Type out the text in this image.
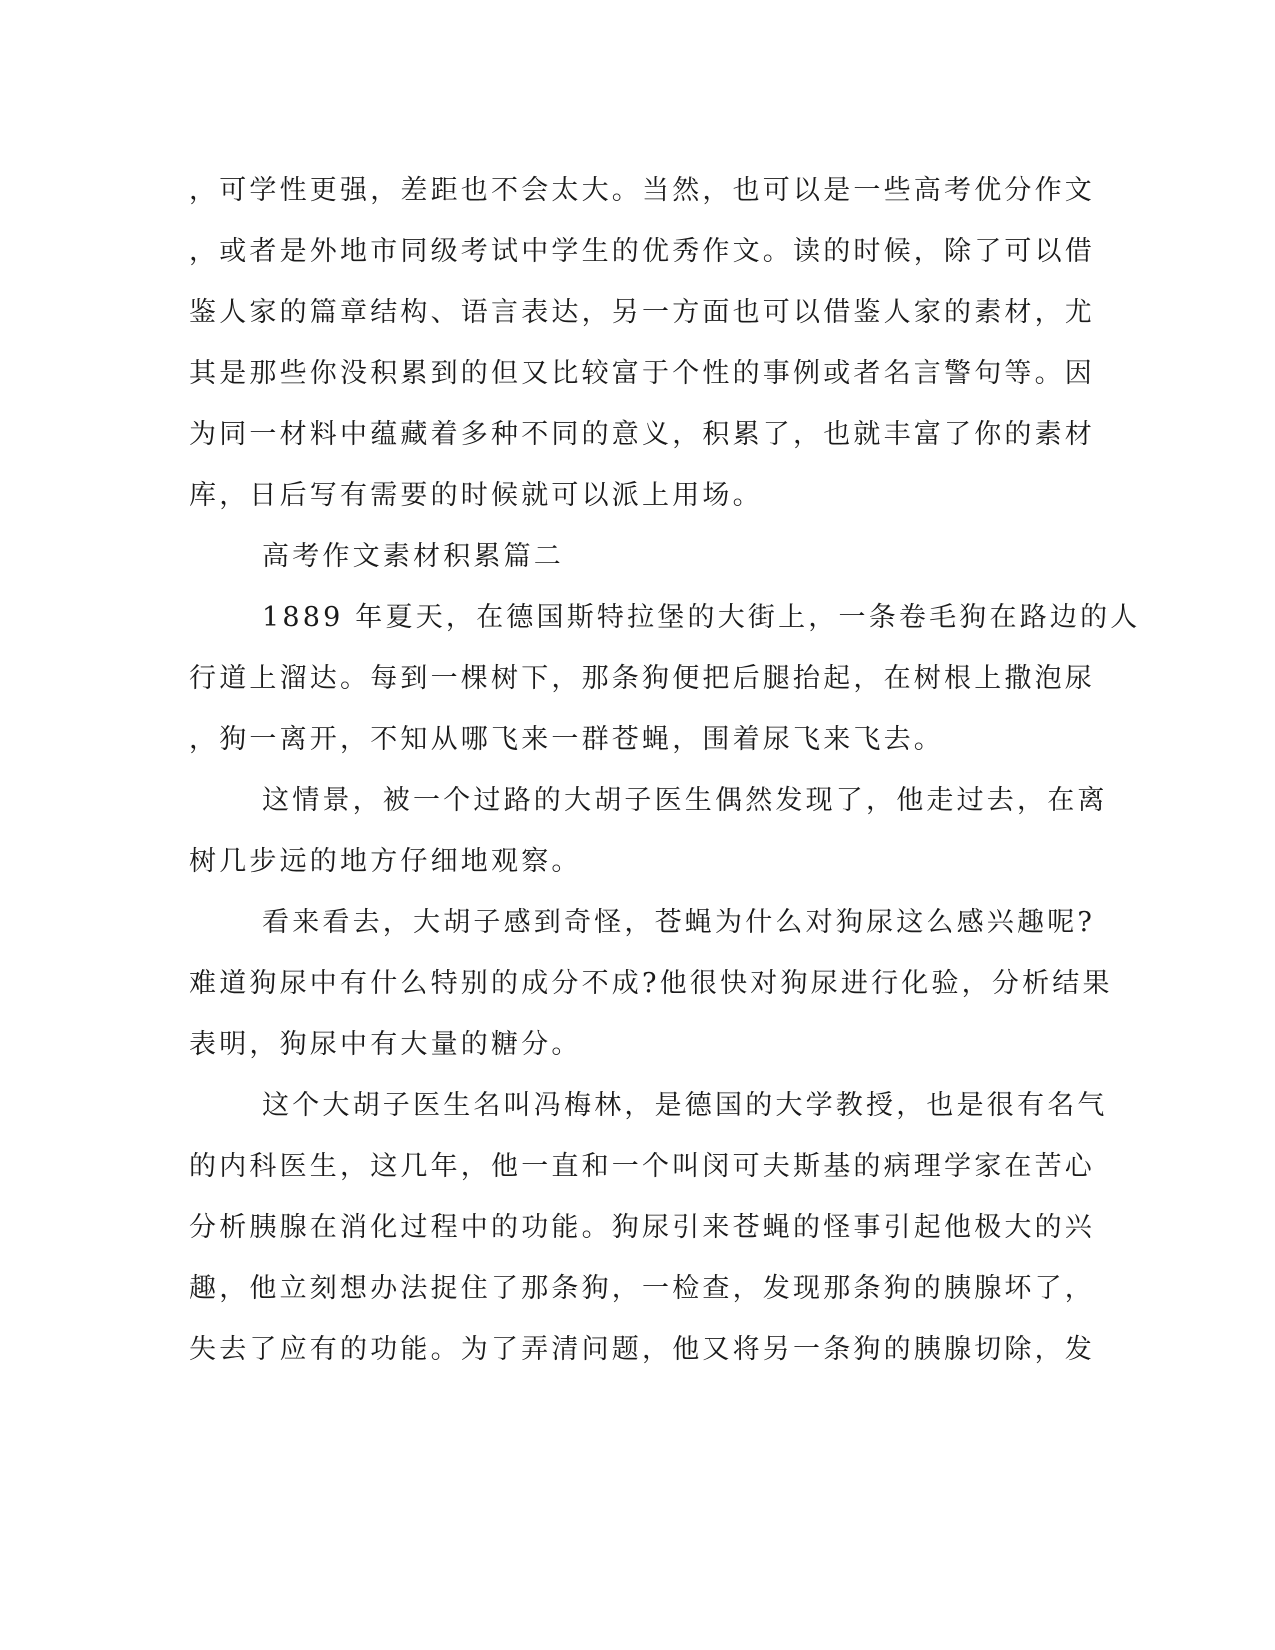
，可学性更强，差距也不会太大。当然，也可以是一些高考优分作文
，或者是外地市同级考试中学生的优秀作文。读的时候，除了可以借
鉴人家的篇章结构、语言表达，另一方面也可以借鉴人家的素材，尤
其是那些你没积累到的但又比较富于个性的事例或者名言警句等。因
为同一材料中蕴藏着多种不同的意义，积累了，也就丰富了你的素材
库，日后写有需要的时候就可以派上用场。
高考作文素材积累篇二
1889 年夏天，在德国斯特拉堡的大街上，一条卷毛狗在路边的人
行道上溜达。每到一棵树下，那条狗便把后腿抬起，在树根上撒泡尿
，狗一离开，不知从哪飞来一群苍蝇，围着尿飞来飞去。
这情景，被一个过路的大胡子医生偶然发现了，他走过去，在离
树几步远的地方仔细地观察。
看来看去，大胡子感到奇怪，苍蝇为什么对狗尿这么感兴趣呢?
难道狗尿中有什么特别的成分不成?他很快对狗尿进行化验，分析结果
表明，狗尿中有大量的糖分。
这个大胡子医生名叫冯梅林，是德国的大学教授，也是很有名气
的内科医生，这几年，他一直和一个叫闵可夫斯基的病理学家在苦心
分析胰腺在消化过程中的功能。狗尿引来苍蝇的怪事引起他极大的兴
趣，他立刻想办法捉住了那条狗，一检查，发现那条狗的胰腺坏了，
失去了应有的功能。为了弄清问题，他又将另一条狗的胰腺切除，发
